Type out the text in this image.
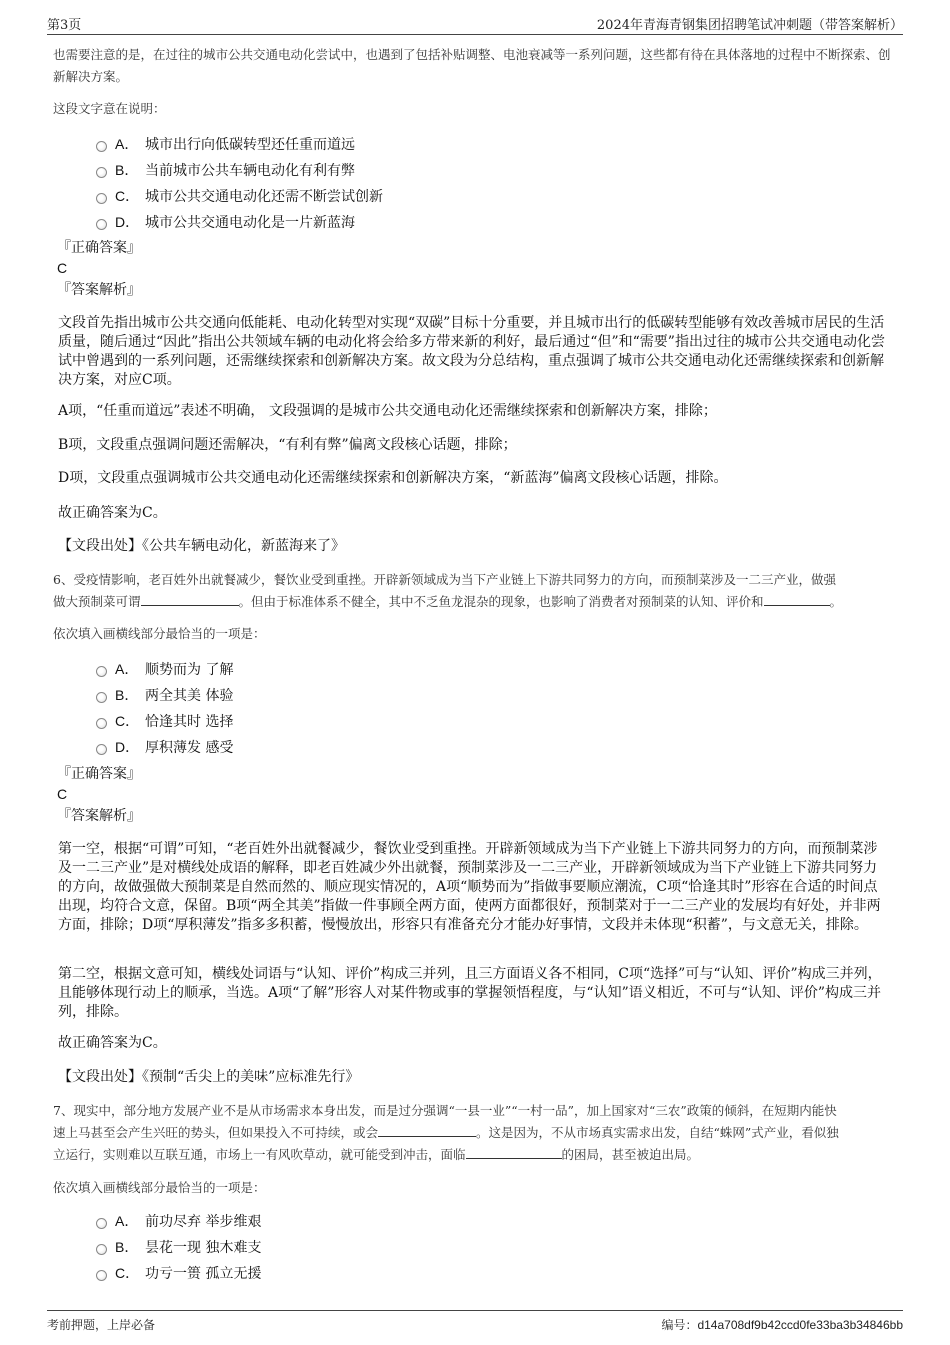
第3页	2024年青海青钢集团招聘笔试冲刺题（带答案解析）
也需要注意的是，在过往的城市公共交通电动化尝试中，也遇到了包括补贴调整、电池衰减等一系列问题，这些都有待在具体落地的过程中不断探索、创新解决方案。
这段文字意在说明：
A． 城市出行向低碳转型还任重而道远
B． 当前城市公共车辆电动化有利有弊
C． 城市公共交通电动化还需不断尝试创新
D． 城市公共交通电动化是一片新蓝海
『正确答案』
C
『答案解析』
文段首先指出城市公共交通向低能耗、电动化转型对实现“双碳”目标十分重要，并且城市出行的低碳转型能够有效改善城市居民的生活质量，随后通过“因此”指出公共领域车辆的电动化将会给多方带来新的利好，最后通过“但”和“需要”指出过往的城市公共交通电动化尝试中曾遇到的一系列问题，还需继续探索和创新解决方案。故文段为分总结构，重点强调了城市公共交通电动化还需继续探索和创新解决方案，对应C项。
A项，“任重而道远”表述不明确， 文段强调的是城市公共交通电动化还需继续探索和创新解决方案，排除；
B项，文段重点强调问题还需解决，“有利有弊”偏离文段核心话题，排除；
D项，文段重点强调城市公共交通电动化还需继续探索和创新解决方案，“新蓝海”偏离文段核心话题，排除。
故正确答案为C。
【文段出处】《公共车辆电动化，新蓝海来了》
6、受疫情影响，老百姓外出就餐减少，餐饮业受到重挫。开辟新领域成为当下产业链上下游共同努力的方向，而预制菜涉及一二三产业，做强
做大预制菜可谓	。但由于标准体系不健全，其中不乏鱼龙混杂的现象，也影响了消费者对预制菜的认知、评价和	。
依次填入画横线部分最恰当的一项是：
A． 顺势而为 了解
B． 两全其美 体验
C． 恰逢其时 选择
D． 厚积薄发 感受
『正确答案』
C
『答案解析』
第一空，根据“可谓”可知，“老百姓外出就餐减少，餐饮业受到重挫。开辟新领域成为当下产业链上下游共同努力的方向，而预制菜涉及一二三产业”是对横线处成语的解释，即老百姓减少外出就餐，预制菜涉及一二三产业，开辟新领域成为当下产业链上下游共同努力的方向，故做强做大预制菜是自然而然的、顺应现实情况的，A项“顺势而为”指做事要顺应潮流，C项“恰逢其时”形容在合适的时间点出现，均符合文意，保留。B项“两全其美”指做一件事顾全两方面，使两方面都很好，预制菜对于一二三产业的发展均有好处，并非两方面，排除；D项“厚积薄发”指多多积蓄，慢慢放出，形容只有准备充分才能办好事情，文段并未体现“积蓄”，与文意无关，排除。
第二空，根据文意可知，横线处词语与“认知、评价”构成三并列，且三方面语义各不相同，C项“选择”可与“认知、评价”构成三并列，且能够体现行动上的顺承，当选。A项“了解”形容人对某件物或事的掌握领悟程度，与“认知”语义相近，不可与“认知、评价”构成三并列，排除。
故正确答案为C。
【文段出处】《预制“舌尖上的美味”应标准先行》
7、现实中，部分地方发展产业不是从市场需求本身出发，而是过分强调“一县一业”“一村一品”，加上国家对“三农”政策的倾斜，在短期内能快
速上马甚至会产生兴旺的势头，但如果投入不可持续，或会	。这是因为，不从市场真实需求出发，自结“蛛网”式产业，看似独
立运行，实则难以互联互通，市场上一有风吹草动，就可能受到冲击，面临	的困局，甚至被迫出局。
依次填入画横线部分最恰当的一项是：
A． 前功尽弃 举步维艰
B． 昙花一现 独木难支
C． 功亏一篑 孤立无援
考前押题，上岸必备	编号：d14a708df9b42ccd0fe33ba3b34846bb
